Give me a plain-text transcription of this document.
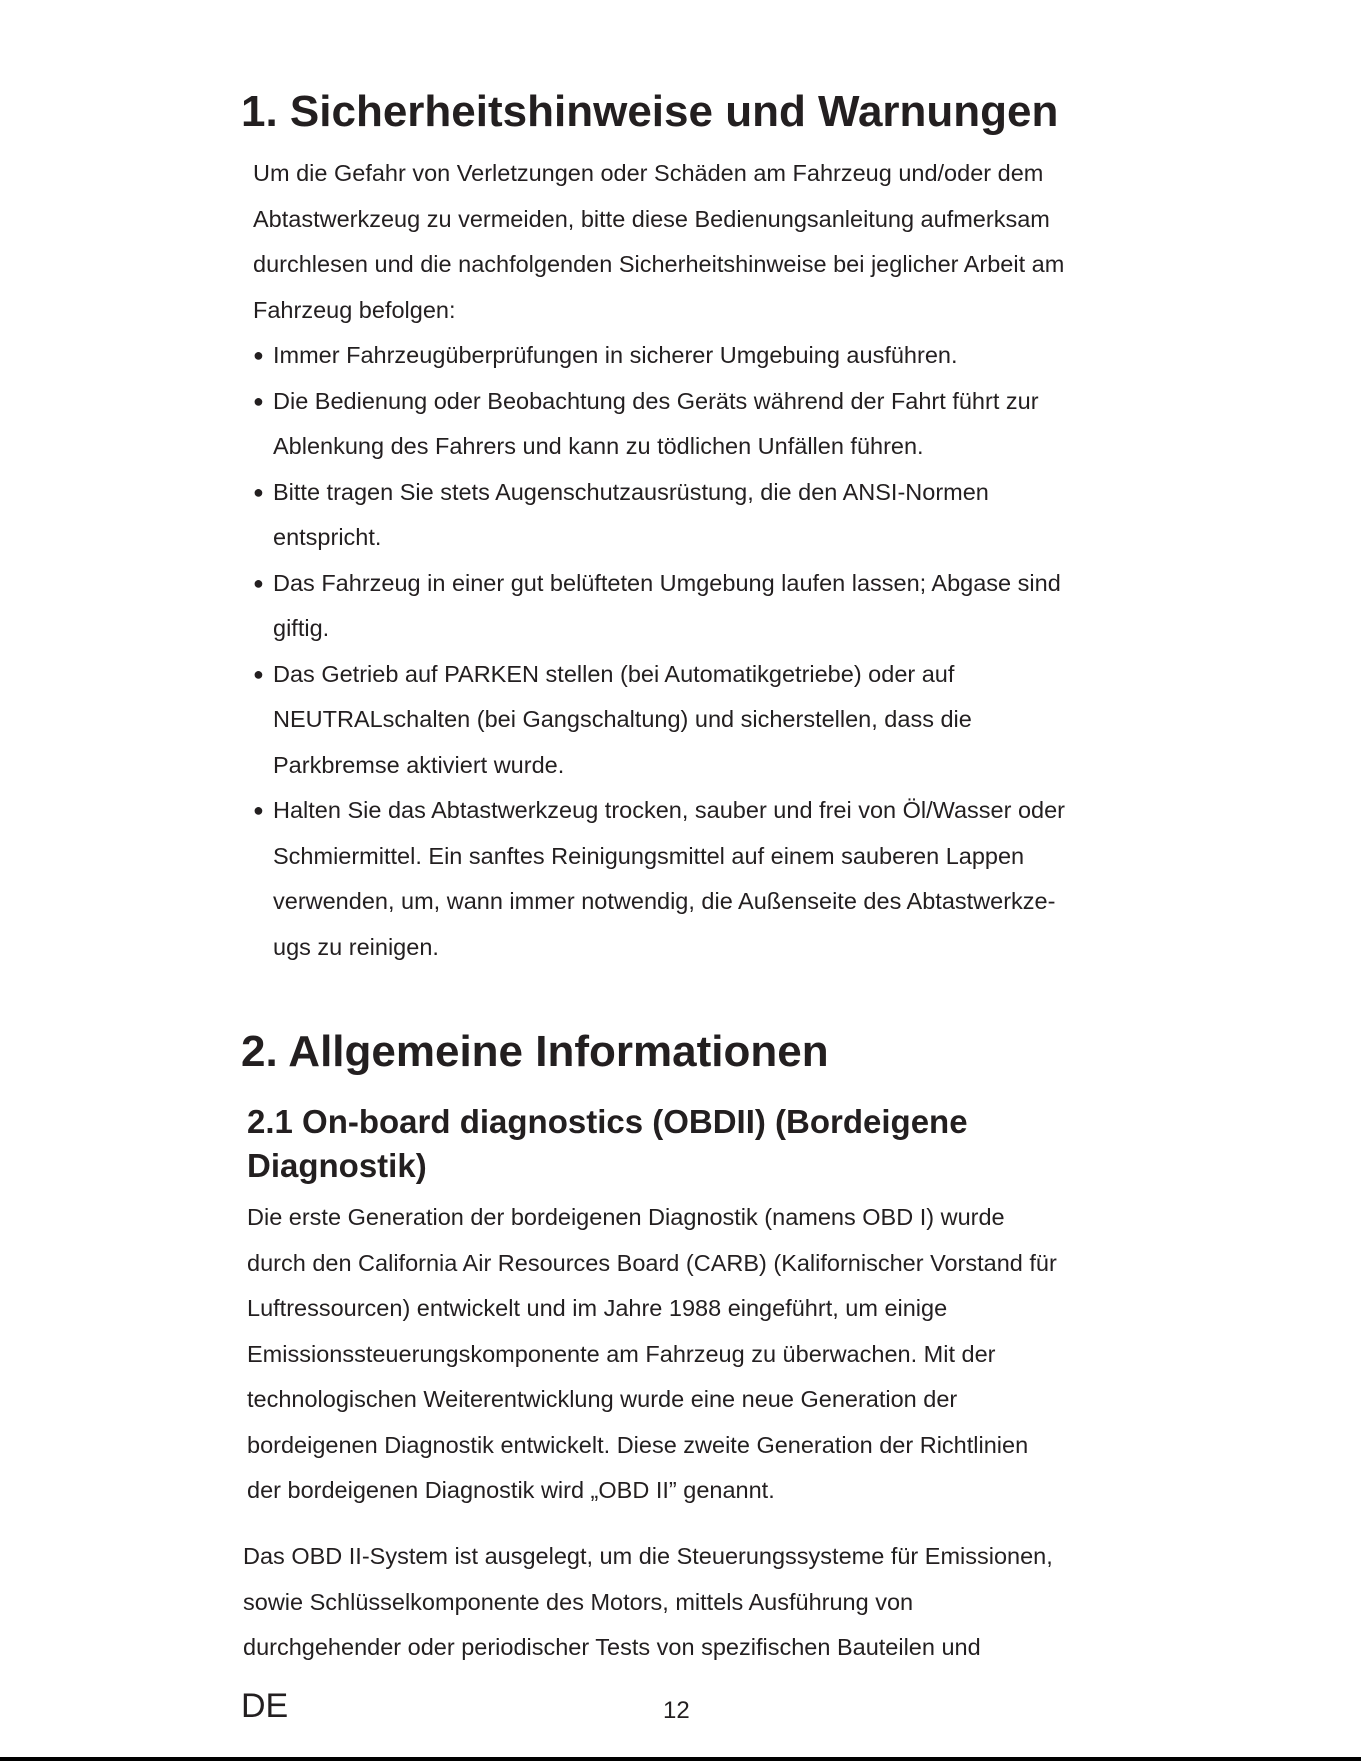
1. Sicherheitshinweise und Warnungen

Um die Gefahr von Verletzungen oder Schäden am Fahrzeug und/oder dem
Abtastwerkzeug zu vermeiden, bitte diese Bedienungsanleitung aufmerksam
durchlesen und die nachfolgenden Sicherheitshinweise bei jeglicher Arbeit am
Fahrzeug befolgen:

● Immer Fahrzeugüberprüfungen in sicherer Umgebuing ausführen.
● Die Bedienung oder Beobachtung des Geräts während der Fahrt führt zur
Ablenkung des Fahrers und kann zu tödlichen Unfällen führen.
● Bitte tragen Sie stets Augenschutzausrüstung, die den ANSI-Normen
entspricht.
● Das Fahrzeug in einer gut belüfteten Umgebung laufen lassen; Abgase sind
giftig.
● Das Getrieb auf PARKEN stellen (bei Automatikgetriebe) oder auf
NEUTRALschalten (bei Gangschaltung) und sicherstellen, dass die
Parkbremse aktiviert wurde.
● Halten Sie das Abtastwerkzeug trocken, sauber und frei von Öl/Wasser oder
Schmiermittel. Ein sanftes Reinigungsmittel auf einem sauberen Lappen
verwenden, um, wann immer notwendig, die Außenseite des Abtastwerkze-
ugs zu reinigen.
2. Allgemeine Informationen
2.1 On-board diagnostics (OBDII) (Bordeigene
Diagnostik)

Die erste Generation der bordeigenen Diagnostik (namens OBD I) wurde
durch den California Air Resources Board (CARB) (Kalifornischer Vorstand für
Luftressourcen) entwickelt und im Jahre 1988 eingeführt, um einige
Emissionssteuerungskomponente am Fahrzeug zu überwachen. Mit der
technologischen Weiterentwicklung wurde eine neue Generation der
bordeigenen Diagnostik entwickelt. Diese zweite Generation der Richtlinien
der bordeigenen Diagnostik wird „OBD II” genannt.

Das OBD II-System ist ausgelegt, um die Steuerungssysteme für Emissionen,
sowie Schlüsselkomponente des Motors, mittels Ausführung von
durchgehender oder periodischer Tests von spezifischen Bauteilen und

DE	12
